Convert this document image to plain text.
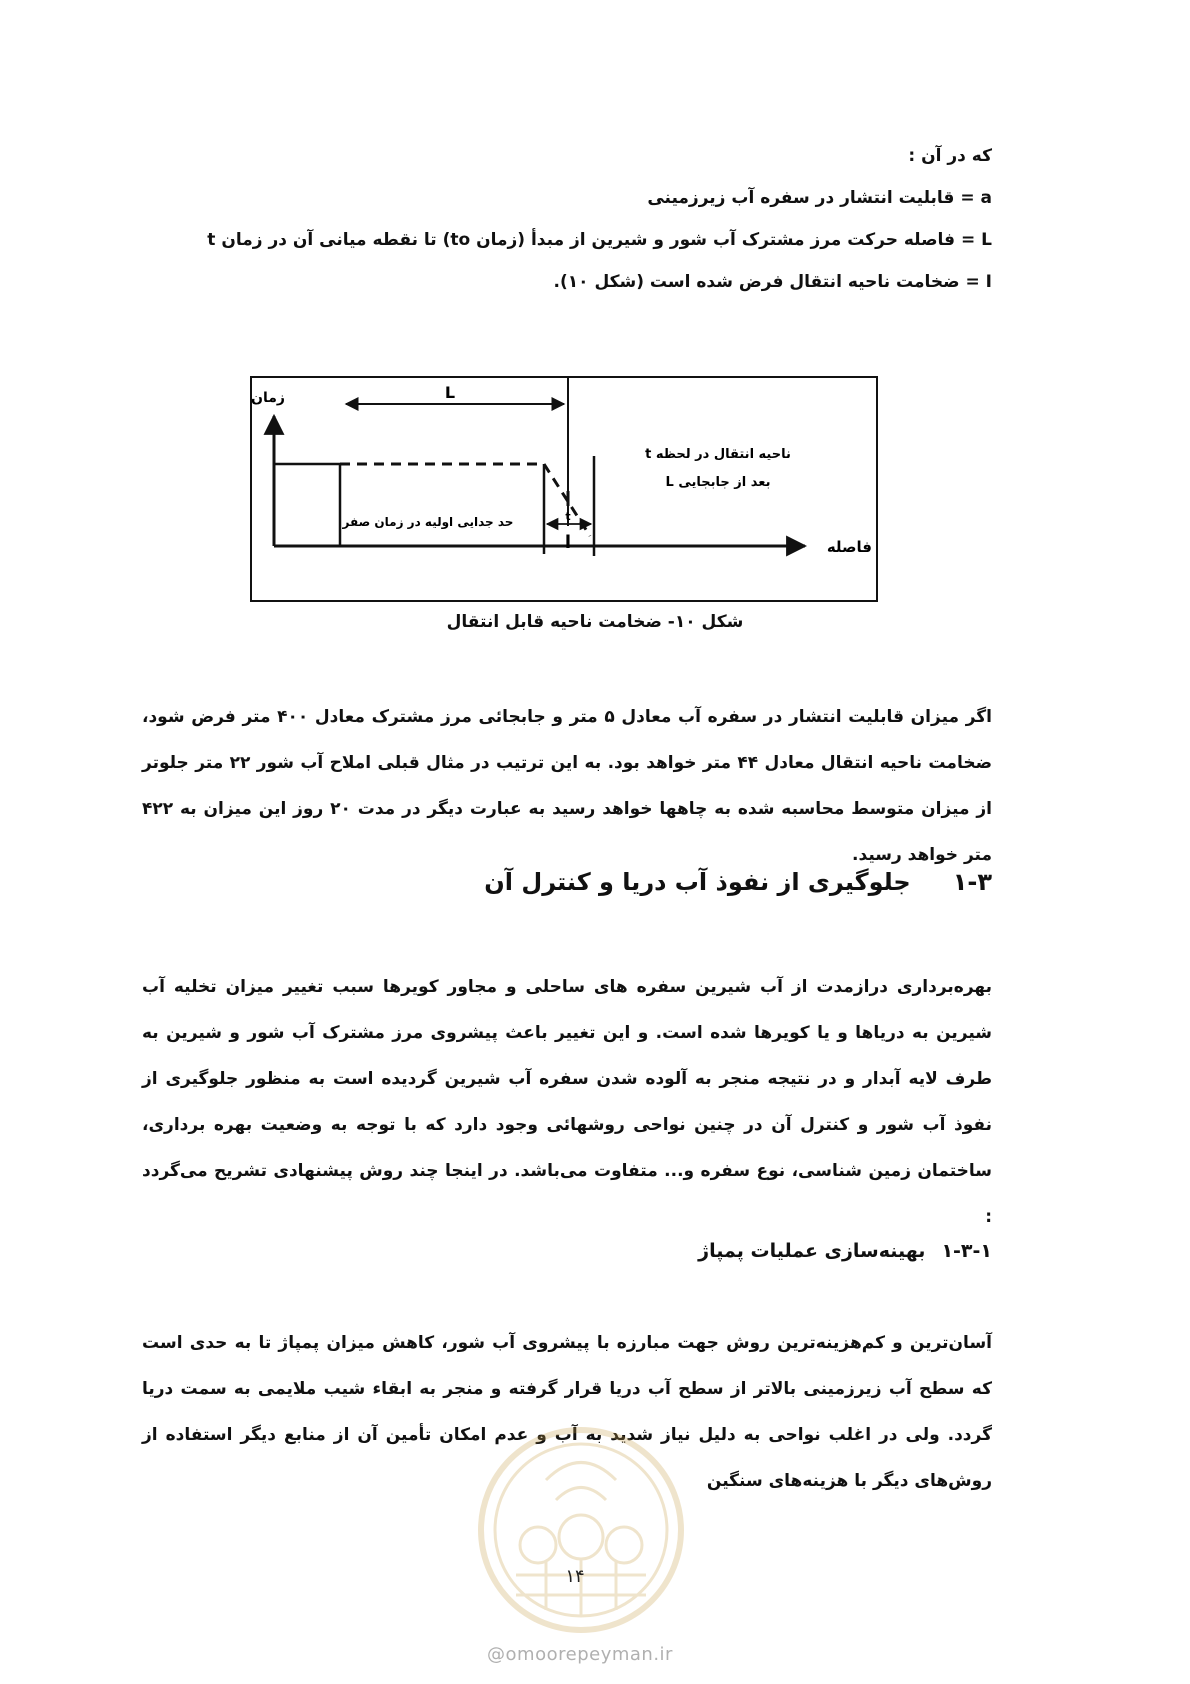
که در آن :
a = قابلیت انتشار در سفره آب زیرزمینی
L = فاصله حرکت مرز مشترک آب شور و شیرین از مبدأ (زمان to) تا نقطه میانی آن در زمان t
I = ضخامت ناحیه انتقال فرض شده است (شکل ۱۰).
زمان
فاصله
L
t
l
ناحیه انتقال در لحظه t
بعد از جابجایی L
حد جدایی اولیه در زمان صفر
شکل ۱۰- ضخامت ناحیه قابل انتقال

اگر میزان قابلیت انتشار در سفره آب معادل ۵ متر و جابجائی مرز مشترک معادل ۴۰۰ متر فرض شود، ضخامت ناحیه انتقال معادل ۴۴ متر خواهد بود. به این ترتیب در مثال قبلی املاح آب شور ۲۲ متر جلوتر از میزان متوسط محاسبه شده به چاهها خواهد رسید به عبارت دیگر در مدت ۲۰ روز این میزان به ۴۲۲ متر خواهد رسید.

۱-۳جلوگیری از نفوذ آب دریا و کنترل آن

بهره‌برداری درازمدت از آب شیرین سفره های ساحلی و مجاور کویرها سبب تغییر میزان تخلیه آب شیرین به دریاها و یا کویرها شده است. و این تغییر باعث پیشروی مرز مشترک آب شور و شیرین به طرف لایه آبدار و در نتیجه منجر به آلوده شدن سفره آب شیرین گردیده است به منظور جلوگیری از نفوذ آب شور و کنترل آن در چنین نواحی روشهائی وجود دارد که با توجه به وضعیت بهره برداری، ساختمان زمین شناسی، نوع سفره و... متفاوت می‌باشد. در اینجا چند روش پیشنهادی تشریح می‌گردد :

۱-۳-۱بهینه‌سازی عملیات پمپاژ

آسان‌ترین و کم‌هزینه‌ترین روش جهت مبارزه با پیشروی آب شور، کاهش میزان پمپاژ تا به حدی است که سطح آب زیرزمینی بالاتر از سطح آب دریا قرار گرفته و منجر به ابقاء شیب ملایمی به سمت دریا گردد. ولی در اغلب نواحی به دلیل نیاز شدید به آب و عدم امکان تأمین آن از منابع دیگر استفاده از روش‌های دیگر با هزینه‌های سنگین

۱۴
@omoorepeyman.ir
